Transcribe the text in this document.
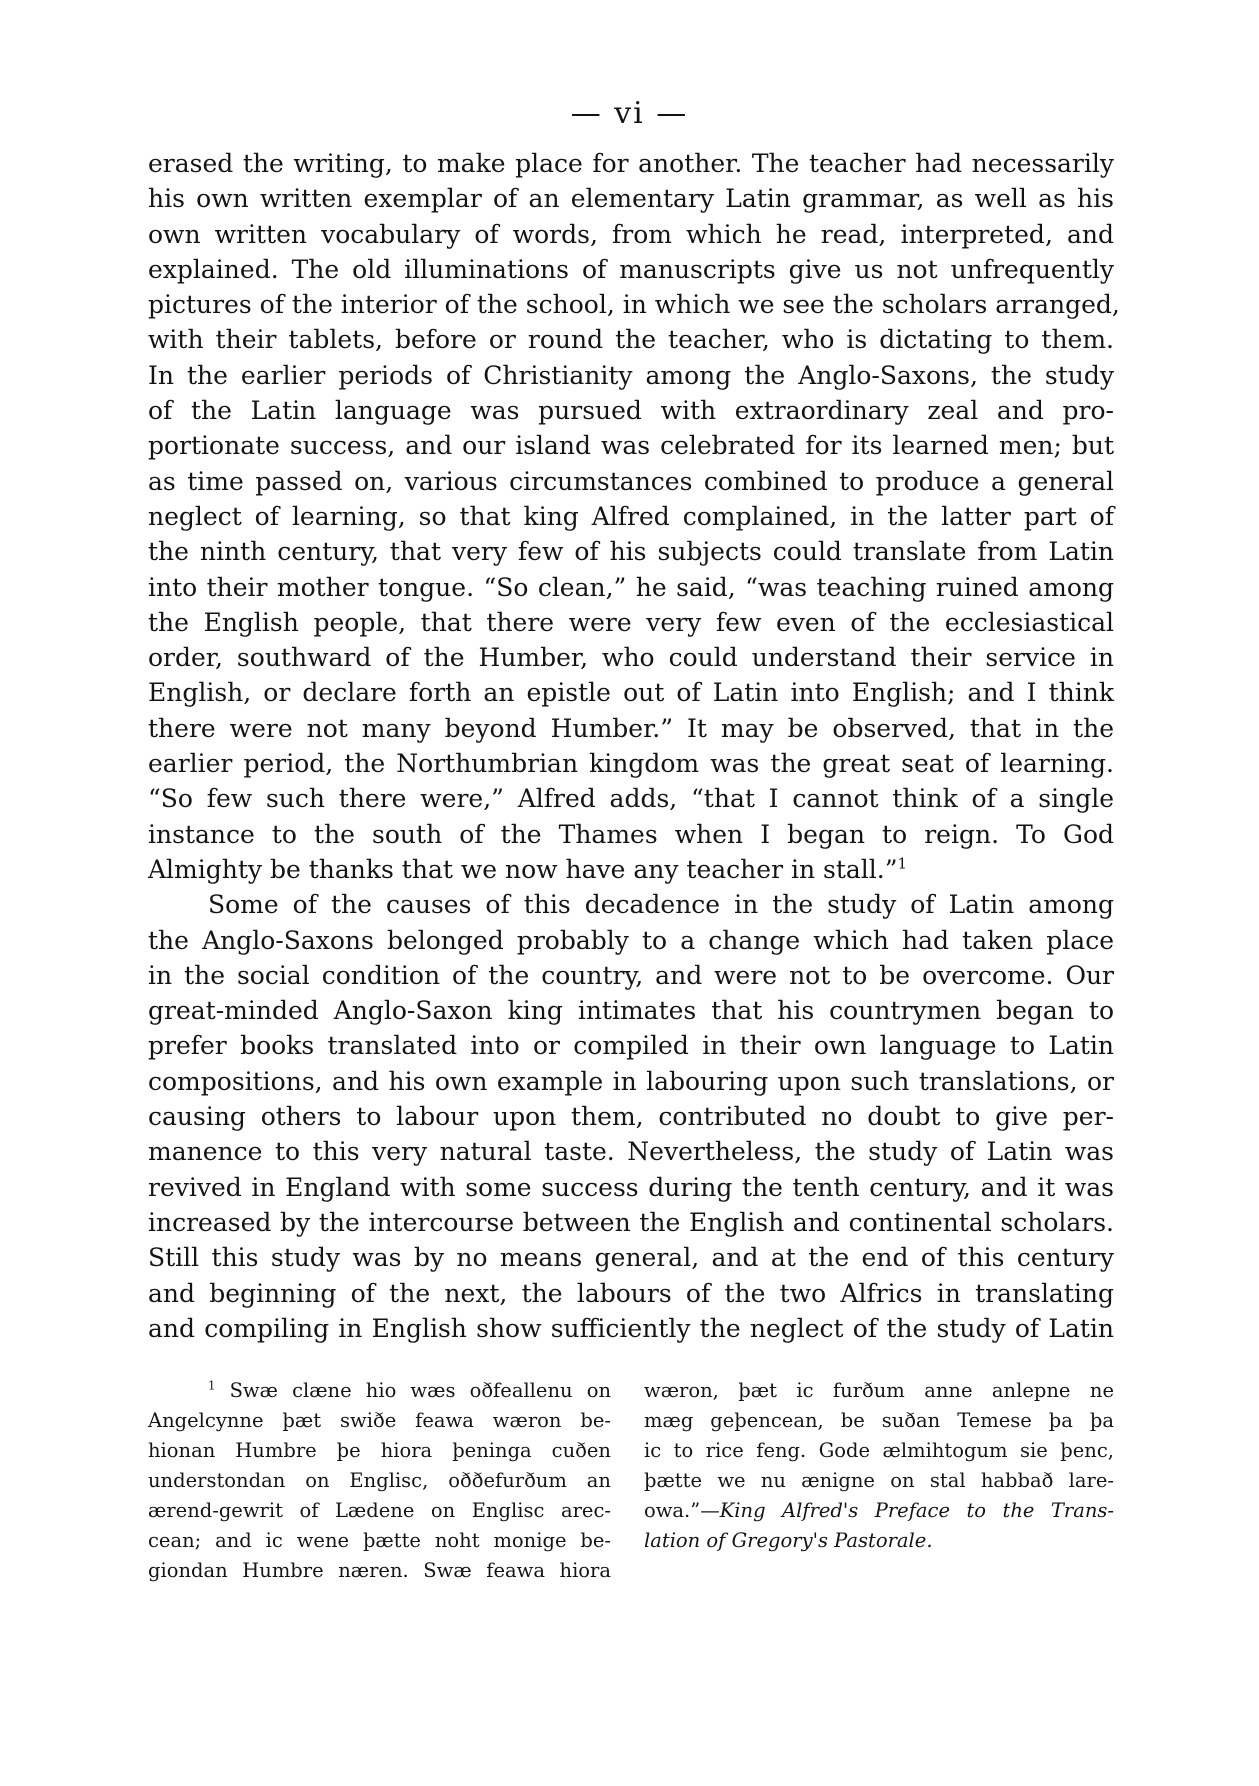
— vi —
erased the writing, to make place for another. The teacher had necessarily
his own written exemplar of an elementary Latin grammar, as well as his
own written vocabulary of words, from which he read, interpreted, and
explained. The old illuminations of manuscripts give us not unfrequently
pictures of the interior of the school, in which we see the scholars arranged,
with their tablets, before or round the teacher, who is dictating to them.
In the earlier periods of Christianity among the Anglo-Saxons, the study
of the Latin language was pursued with extraordinary zeal and pro-
portionate success, and our island was celebrated for its learned men; but
as time passed on, various circumstances combined to produce a general
neglect of learning, so that king Alfred complained, in the latter part of
the ninth century, that very few of his subjects could translate from Latin
into their mother tongue. “So clean,” he said, “was teaching ruined among
the English people, that there were very few even of the ecclesiastical
order, southward of the Humber, who could understand their service in
English, or declare forth an epistle out of Latin into English; and I think
there were not many beyond Humber.” It may be observed, that in the
earlier period, the Northumbrian kingdom was the great seat of learning.
“So few such there were,” Alfred adds, “that I cannot think of a single
instance to the south of the Thames when I began to reign. To God
Almighty be thanks that we now have any teacher in stall.”$^1$
Some of the causes of this decadence in the study of Latin among
the Anglo-Saxons belonged probably to a change which had taken place
in the social condition of the country, and were not to be overcome. Our
great-minded Anglo-Saxon king intimates that his countrymen began to
prefer books translated into or compiled in their own language to Latin
compositions, and his own example in labouring upon such translations, or
causing others to labour upon them, contributed no doubt to give per-
manence to this very natural taste. Nevertheless, the study of Latin was
revived in England with some success during the tenth century, and it was
increased by the intercourse between the English and continental scholars.
Still this study was by no means general, and at the end of this century
and beginning of the next, the labours of the two Alfrics in translating
and compiling in English show sufficiently the neglect of the study of Latin
$^1$ Swæ clæne hio wæs oðfeallenu on
Angelcynne þæt swiðe feawa wæron be-
hionan Humbre þe hiora þeninga cuðen
understondan on Englisc, oððefurðum an
ærend-gewrit of Lædene on Englisc arec-
cean; and ic wene þætte noht monige be-
giondan Humbre næren. Swæ feawa hiora
wæron, þæt ic furðum anne anlepne ne
mæg geþencean, be suðan Temese þa þa
ic to rice feng. Gode ælmihtogum sie þenc,
þætte we nu ænigne on stal habbað lare-
owa.”—King Alfred's Preface to the Trans-
lation of Gregory's Pastorale.
